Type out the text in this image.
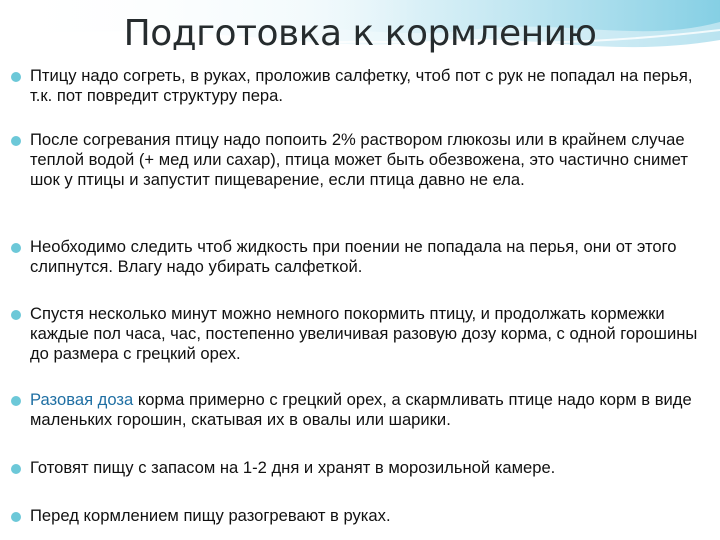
Подготовка к кормлению
Птицу надо согреть, в руках, проложив салфетку, чтоб пот с рук не попадал на перья, т.к. пот повредит структуру пера.
После согревания птицу надо попоить 2% раствором глюкозы или в крайнем случае теплой водой (+ мед или сахар), птица может быть обезвожена, это частично снимет шок у птицы и запустит пищеварение, если птица давно не ела.
Необходимо следить чтоб жидкость при поении не попадала на перья, они от этого слипнутся. Влагу надо убирать салфеткой.
Спустя несколько минут можно немного покормить птицу, и продолжать кормежки каждые пол часа, час, постепенно увеличивая разовую дозу корма, с одной горошины до размера с грецкий орех.
Разовая доза корма примерно с грецкий орех, а скармливать птице надо корм в виде маленьких горошин, скатывая их в овалы или шарики.
Готовят пищу с запасом на 1-2 дня и хранят в морозильной камере.
Перед кормлением пищу разогревают в руках.
